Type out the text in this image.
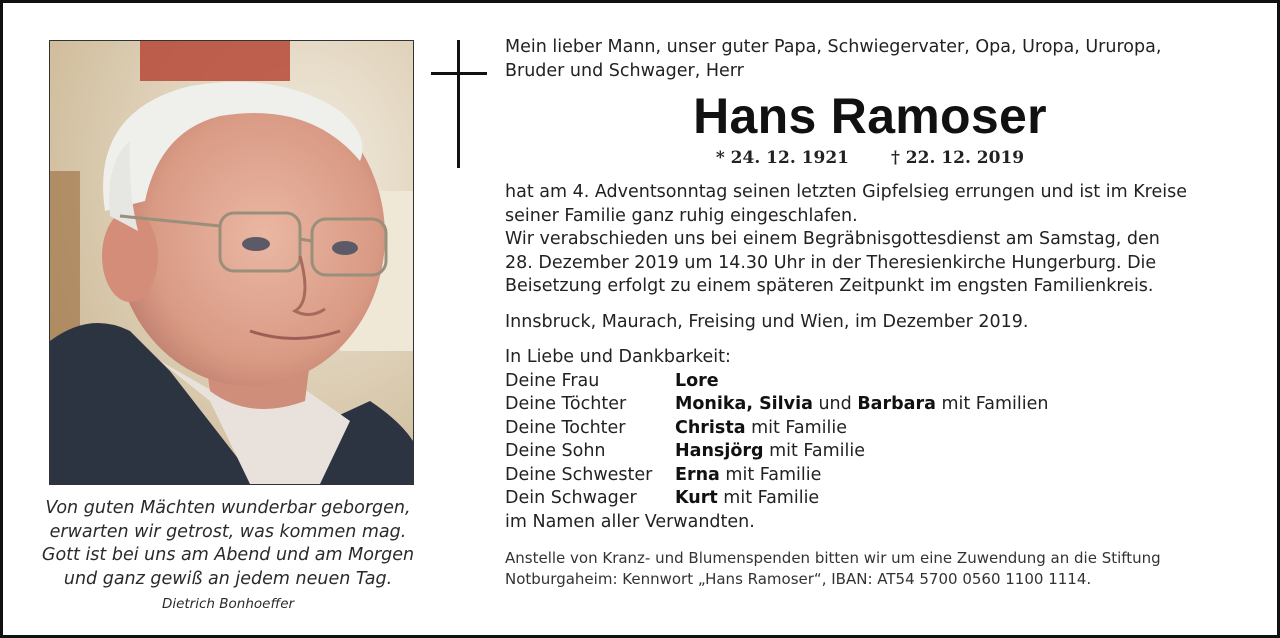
Von guten Mächten wunderbar geborgen,
erwarten wir getrost, was kommen mag.
Gott ist bei uns am Abend und am Morgen
und ganz gewiß an jedem neuen Tag.
Dietrich Bonhoeffer
Mein lieber Mann, unser guter Papa, Schwiegervater, Opa, Uropa, Ururopa,
Bruder und Schwager, Herr
Hans Ramoser
* 24. 12. 1921 † 22. 12. 2019
hat am 4. Adventsonntag seinen letzten Gipfelsieg errungen und ist im Kreise
seiner Familie ganz ruhig eingeschlafen.
Wir verabschieden uns bei einem Begräbnisgottesdienst am Samstag, den
28. Dezember 2019 um 14.30 Uhr in der Theresienkirche Hungerburg. Die
Beisetzung erfolgt zu einem späteren Zeitpunkt im engsten Familienkreis.
Innsbruck, Maurach, Freising und Wien, im Dezember 2019.
In Liebe und Dankbarkeit:
Deine Frau	Lore
Deine Töchter	Monika, Silvia und Barbara mit Familien
Deine Tochter	Christa mit Familie
Deine Sohn	Hansjörg mit Familie
Deine Schwester	Erna mit Familie
Dein Schwager	Kurt mit Familie
im Namen aller Verwandten.
Anstelle von Kranz- und Blumenspenden bitten wir um eine Zuwendung an die Stiftung
Notburgaheim: Kennwort „Hans Ramoser“, IBAN: AT54 5700 0560 1100 1114.
